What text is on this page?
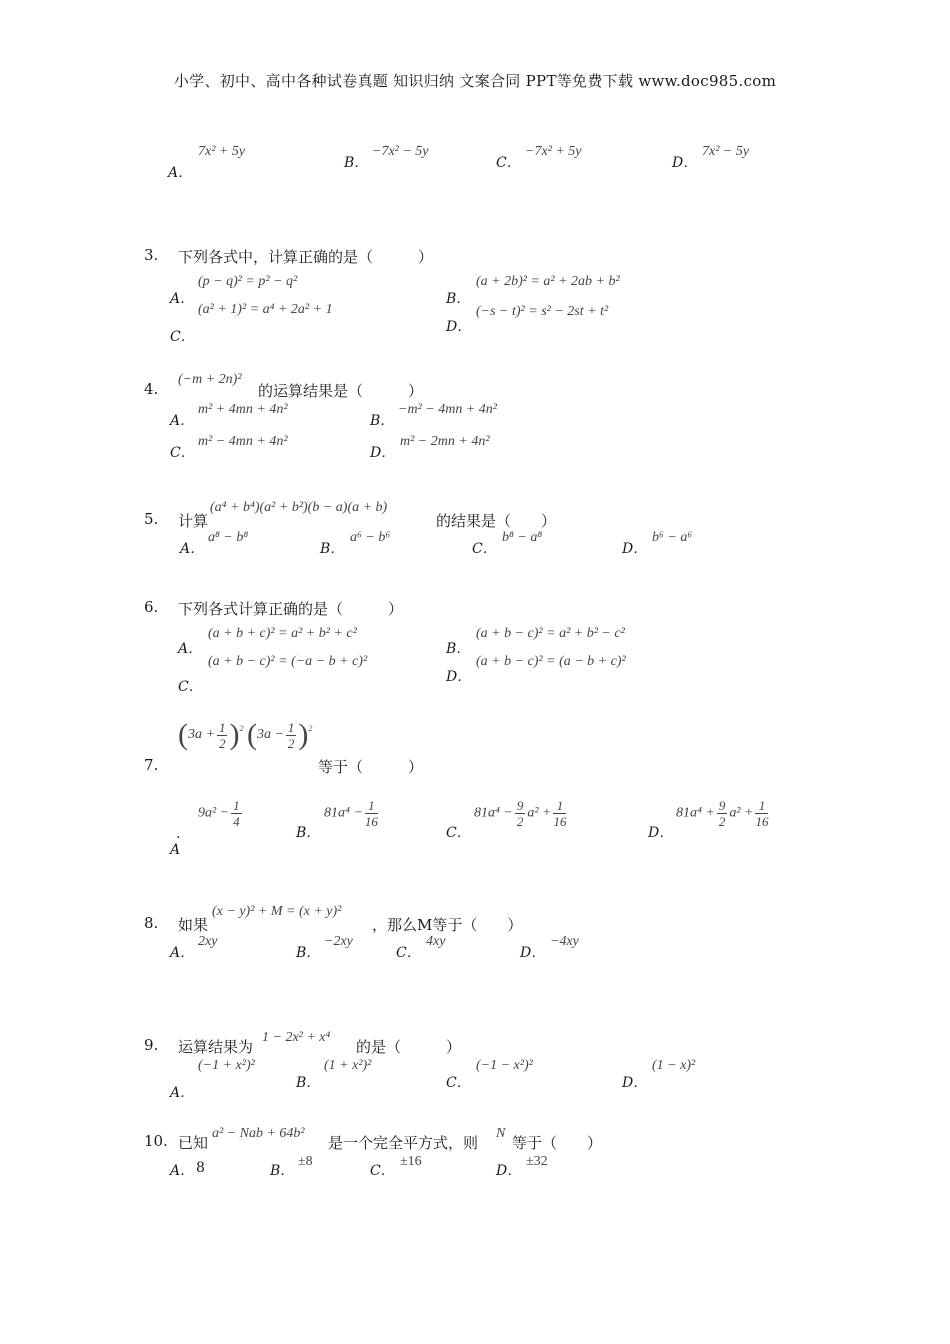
小学、初中、高中各种试卷真题 知识归纳 文案合同 PPT等免费下载 www.doc985.com
A．
7x² + 5y
B．
−7x² − 5y
C．
−7x² + 5y
D．
7x² − 5y
3. 下列各式中，计算正确的是（　　　）
A．
(p − q)² = p² − q²
B．
(a + 2b)² = a² + 2ab + b²
C．
(a² + 1)² = a⁴ + 2a² + 1
D．
(−s − t)² = s² − 2st + t²
4.
(−m + 2n)²
的运算结果是（　　　）
A．
m² + 4mn + 4n²
B．
−m² − 4mn + 4n²
C．
m² − 4mn + 4n²
D．
m² − 2mn + 4n²
5. 计算
(a⁴ + b⁴)(a² + b²)(b − a)(a + b)
的结果是（　　）
A．
a⁸ − b⁸
B．
a⁶ − b⁶
C．
b⁸ − a⁸
D．
b⁶ − a⁶
6. 下列各式计算正确的是（　　　）
A．
(a + b + c)² = a² + b² + c²
B．
(a + b − c)² = a² + b² − c²
C．
(a + b − c)² = (−a − b + c)²
D．
(a + b − c)² = (a − b + c)²
7.
$(3a + \frac{1}{2} )^2$ $(3a - \frac{1}{2} )^2$
等于（　　　）
.
A
$9a^2 - \frac{1}{4}$
B．
$81a^4 - \frac{1}{16}$
C．
$81a^4 - \frac{9}{2} a^2 + \frac{1}{16}$
D．
$81a^4 + \frac{9}{2} a^2 + \frac{1}{16}$
8. 如果
(x − y)² + M = (x + y)²
，那么M等于（　　）
A．
2xy
B．
−2xy
C．
4xy
D．
−4xy
9. 运算结果为
1 − 2x² + x⁴
的是（　　　）
A．
(−1 + x²)²
B．
(1 + x²)²
C．
(−1 − x²)²
D．
(1 − x)²
10. 已知
a² − Nab + 64b²
是一个完全平方式，则
N
等于（　　）
A． 8	B．
±8
C．
±16
D．
±32
